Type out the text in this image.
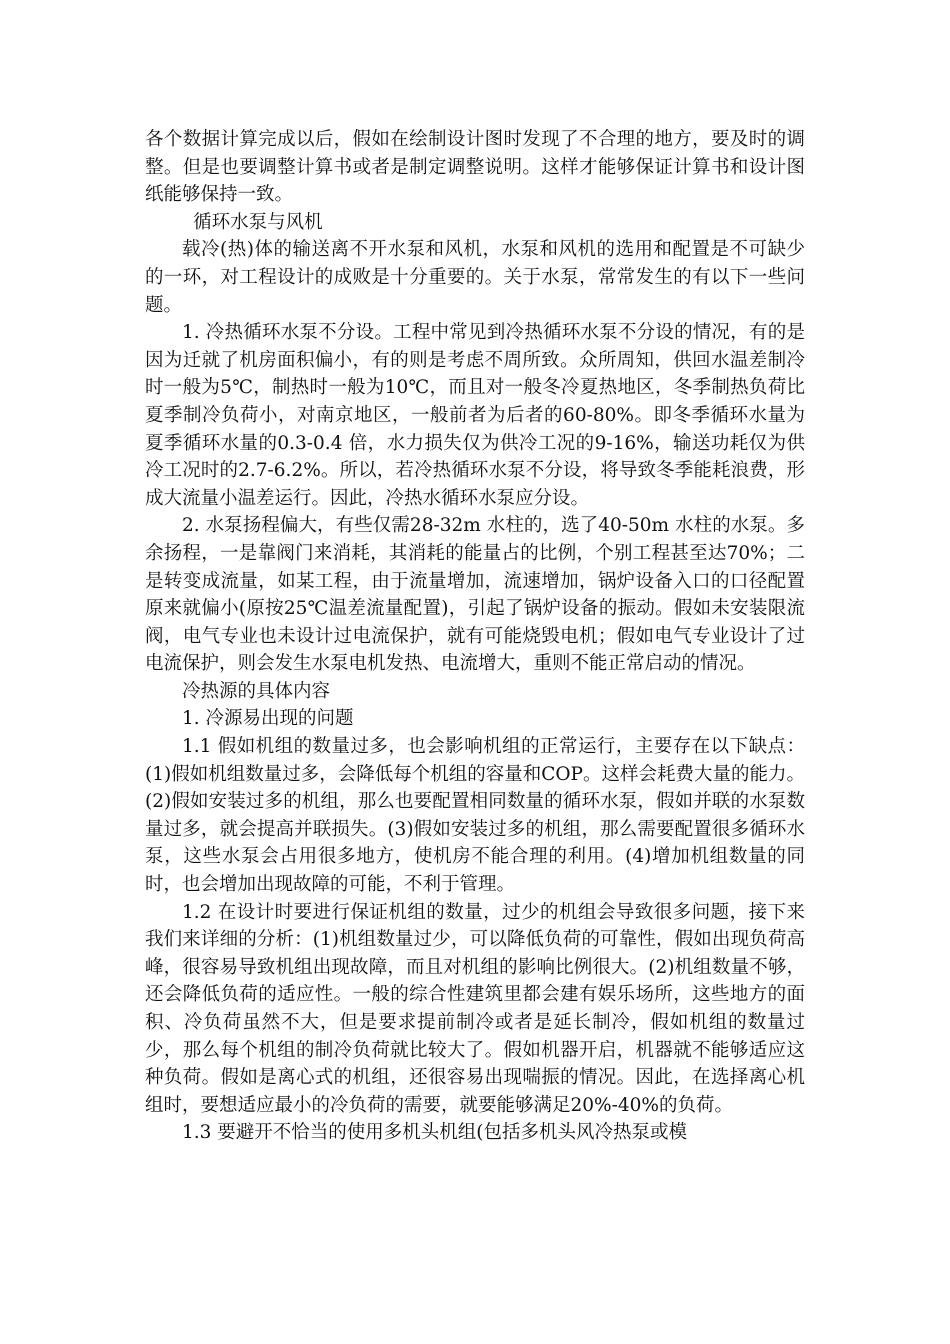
各个数据计算完成以后，假如在绘制设计图时发现了不合理的地方，要及时的调整。但是也要调整计算书或者是制定调整说明。这样才能够保证计算书和设计图纸能够保持一致。

循环水泵与风机

载冷(热)体的输送离不开水泵和风机，水泵和风机的选用和配置是不可缺少的一环，对工程设计的成败是十分重要的。关于水泵，常常发生的有以下一些问题。

1. 冷热循环水泵不分设。工程中常见到冷热循环水泵不分设的情况，有的是因为迁就了机房面积偏小，有的则是考虑不周所致。众所周知，供回水温差制冷时一般为5℃，制热时一般为10℃，而且对一般冬冷夏热地区，冬季制热负荷比夏季制冷负荷小，对南京地区，一般前者为后者的60-80%。即冬季循环水量为夏季循环水量的0.3-0.4 倍，水力损失仅为供冷工况的9-16%，输送功耗仅为供冷工况时的2.7-6.2%。所以，若冷热循环水泵不分设，将导致冬季能耗浪费，形成大流量小温差运行。因此，冷热水循环水泵应分设。

2. 水泵扬程偏大，有些仅需28-32m 水柱的，选了40-50m 水柱的水泵。多余扬程，一是靠阀门来消耗，其消耗的能量占的比例，个别工程甚至达70%；二是转变成流量，如某工程，由于流量增加，流速增加，锅炉设备入口的口径配置原来就偏小(原按25℃温差流量配置)，引起了锅炉设备的振动。假如未安装限流阀，电气专业也未设计过电流保护，就有可能烧毁电机；假如电气专业设计了过电流保护，则会发生水泵电机发热、电流增大，重则不能正常启动的情况。

冷热源的具体内容

1. 冷源易出现的问题

1.1 假如机组的数量过多，也会影响机组的正常运行，主要存在以下缺点：(1)假如机组数量过多，会降低每个机组的容量和COP。这样会耗费大量的能力。(2)假如安装过多的机组，那么也要配置相同数量的循环水泵，假如并联的水泵数量过多，就会提高并联损失。(3)假如安装过多的机组，那么需要配置很多循环水泵，这些水泵会占用很多地方，使机房不能合理的利用。(4)增加机组数量的同时，也会增加出现故障的可能，不利于管理。

1.2 在设计时要进行保证机组的数量，过少的机组会导致很多问题，接下来我们来详细的分析：(1)机组数量过少，可以降低负荷的可靠性，假如出现负荷高峰，很容易导致机组出现故障，而且对机组的影响比例很大。(2)机组数量不够，还会降低负荷的适应性。一般的综合性建筑里都会建有娱乐场所，这些地方的面积、冷负荷虽然不大，但是要求提前制冷或者是延长制冷，假如机组的数量过少，那么每个机组的制冷负荷就比较大了。假如机器开启，机器就不能够适应这种负荷。假如是离心式的机组，还很容易出现喘振的情况。因此，在选择离心机组时，要想适应最小的冷负荷的需要，就要能够满足20%-40%的负荷。

1.3 要避开不恰当的使用多机头机组(包括多机头风冷热泵或模
